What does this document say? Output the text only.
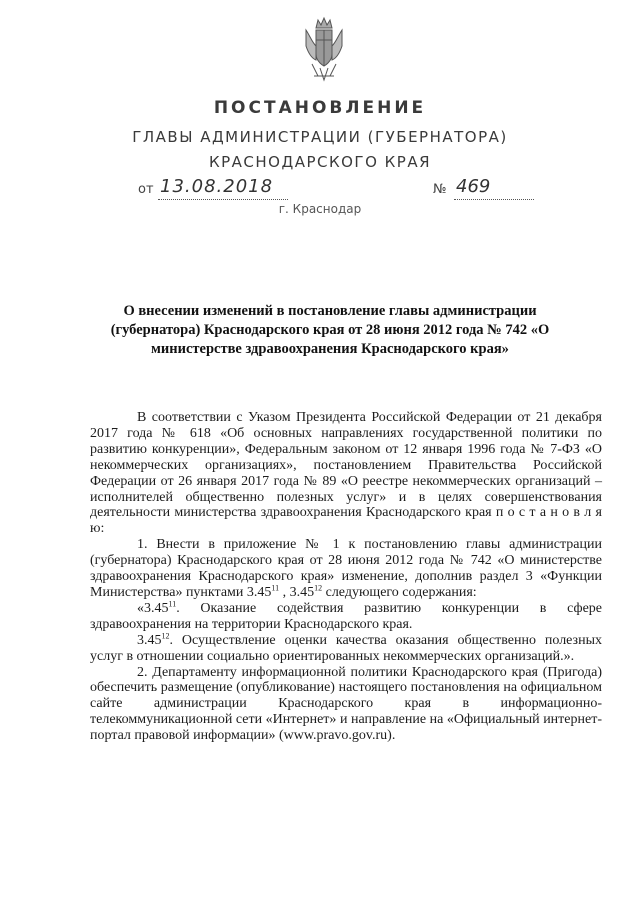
ПОСТАНОВЛЕНИЕ
ГЛАВЫ АДМИНИСТРАЦИИ (ГУБЕРНАТОРА)
КРАСНОДАРСКОГО КРАЯ
от 13.08.2018	№ 469
г. Краснодар
О внесении изменений в постановление главы администрации (губернатора) Краснодарского края от 28 июня 2012 года № 742 «О министерстве здравоохранения Краснодарского края»

В соответствии с Указом Президента Российской Федерации от 21 декабря 2017 года № 618 «Об основных направлениях государственной политики по развитию конкуренции», Федеральным законом от 12 января 1996 года № 7-ФЗ «О некоммерческих организациях», постановлением Правительства Российской Федерации от 26 января 2017 года № 89 «О реестре некоммерческих организаций – исполнителей общественно полезных услуг» и в целях совершенствования деятельности министерства здравоохранения Краснодарского края п о с т а н о в л я ю:

1. Внести в приложение № 1 к постановлению главы администрации (губернатора) Краснодарского края от 28 июня 2012 года № 742 «О министерстве здравоохранения Краснодарского края» изменение, дополнив раздел 3 «Функции Министерства» пунктами 3.45$^{11}$ , 3.45$^{12}$ следующего содержания:

«3.45$^{11}$. Оказание содействия развитию конкуренции в сфере здравоохранения на территории Краснодарского края.

3.45$^{12}$. Осуществление оценки качества оказания общественно полезных услуг в отношении социально ориентированных некоммерческих организаций.».

2. Департаменту информационной политики Краснодарского края (Пригода) обеспечить размещение (опубликование) настоящего постановления на официальном сайте администрации Краснодарского края в информационно-телекоммуникационной сети «Интернет» и направление на «Официальный интернет-портал правовой информации» (www.pravo.gov.ru).
